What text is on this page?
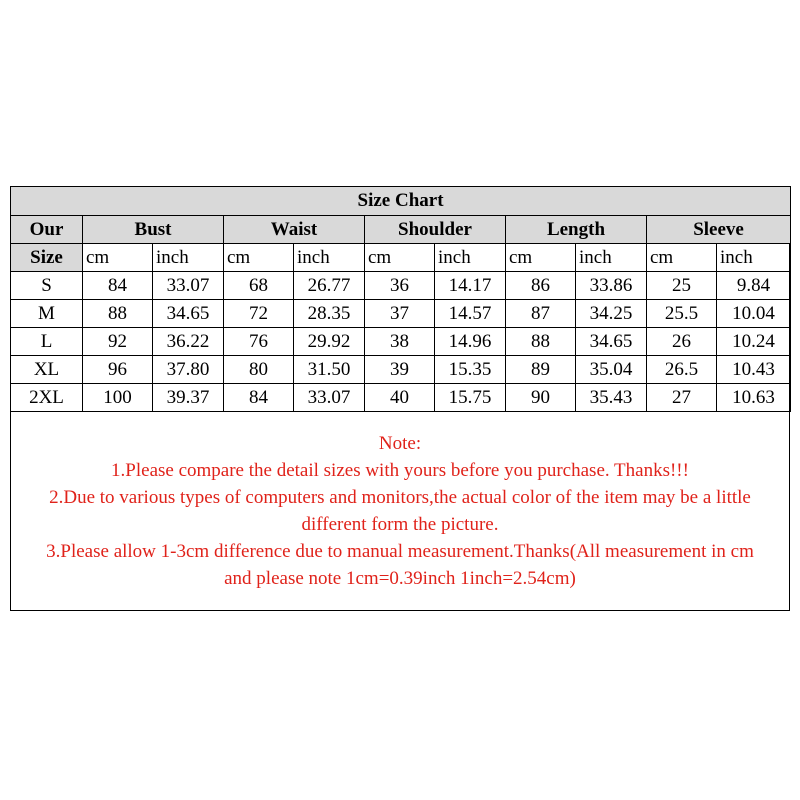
Size Chart										
Our	Bust		Waist		Shoulder		Length		Sleeve	
Size	cm	inch	cm	inch	cm	inch	cm	inch	cm	inch
S	84	33.07	68	26.77	36	14.17	86	33.86	25	9.84
M	88	34.65	72	28.35	37	14.57	87	34.25	25.5	10.04
L	92	36.22	76	29.92	38	14.96	88	34.65	26	10.24
XL	96	37.80	80	31.50	39	15.35	89	35.04	26.5	10.43
2XL	100	39.37	84	33.07	40	15.75	90	35.43	27	10.63
Note:
1.Please compare the detail sizes with yours before you purchase. Thanks!!!
2.Due to various types of computers and monitors,the actual color of the item may be a little
different form the picture.
3.Please allow 1-3cm difference due to manual measurement.Thanks(All measurement in cm
and please note 1cm=0.39inch 1inch=2.54cm)
